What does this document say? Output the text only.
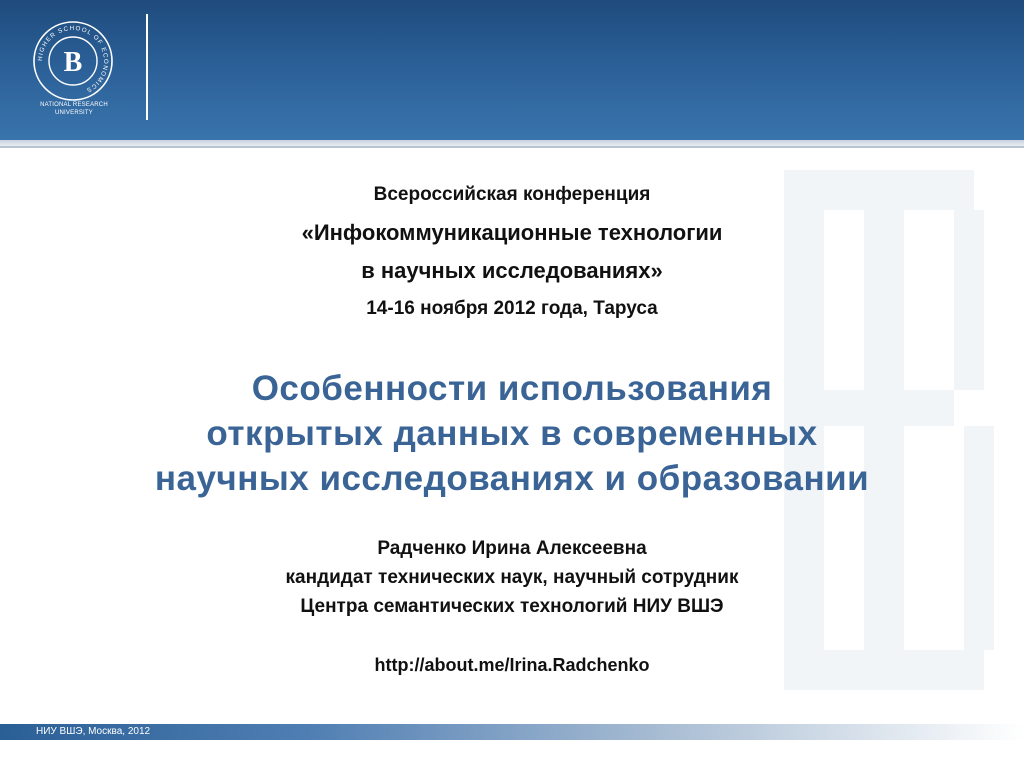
HIGHER SCHOOL OF ECONOMICS
В
NATIONAL RESEARCH
UNIVERSITY
Всероссийская конференция
«Инфокоммуникационные технологии
в научных исследованиях»
14-16 ноября 2012 года, Таруса
Особенности использования
открытых данных в современных
научных исследованиях и образовании
Радченко Ирина Алексеевна
кандидат технических наук, научный сотрудник
Центра семантических технологий НИУ ВШЭ
http://about.me/Irina.Radchenko
НИУ ВШЭ, Москва, 2012
